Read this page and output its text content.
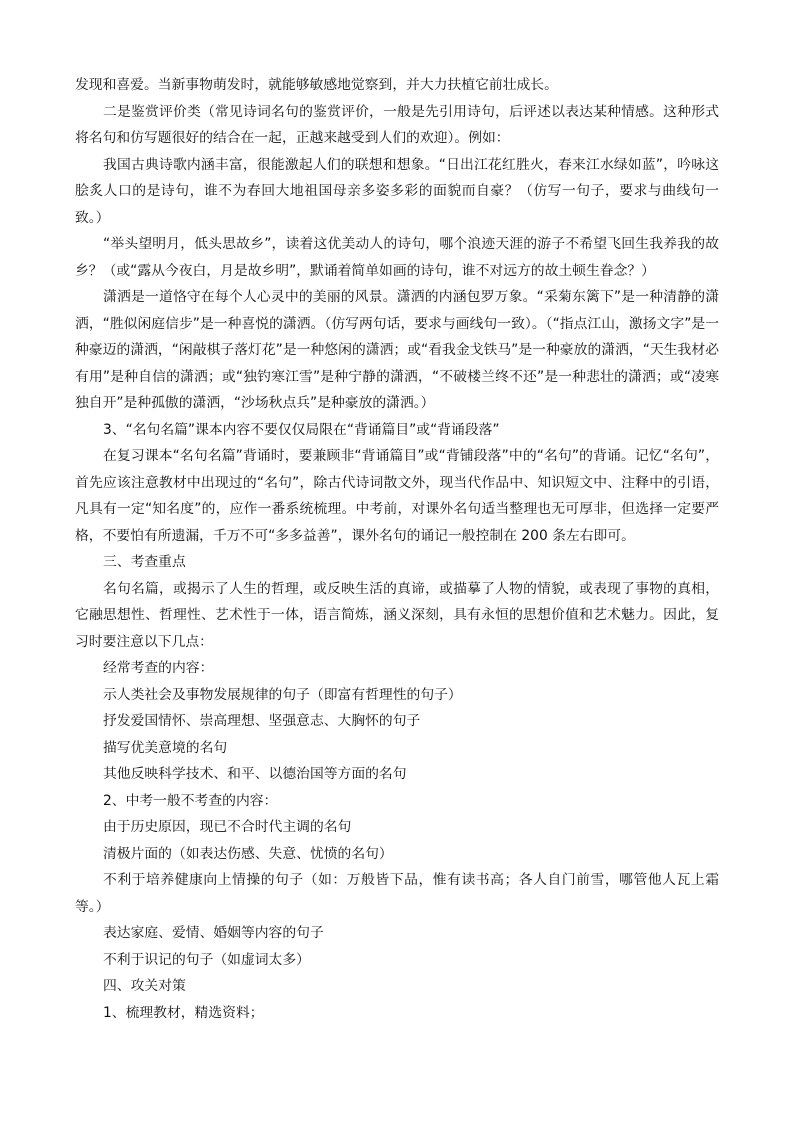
发现和喜爱。当新事物萌发时，就能够敏感地觉察到，并大力扶植它前壮成长。

二是鉴赏评价类（常见诗词名句的鉴赏评价，一般是先引用诗句，后评述以表达某种情感。这种形式将名句和仿写题很好的结合在一起，正越来越受到人们的欢迎）。例如：

我国古典诗歌内涵丰富，很能激起人们的联想和想象。“日出江花红胜火，春来江水绿如蓝”，吟咏这脍炙人口的是诗句，谁不为春回大地祖国母亲多姿多彩的面貌而自豪？（仿写一句子，要求与曲线句一致。）

“举头望明月，低头思故乡”，读着这优美动人的诗句，哪个浪迹天涯的游子不希望飞回生我养我的故乡？（或“露从今夜白，月是故乡明”，默诵着简单如画的诗句，谁不对远方的故土顿生眷念？）

潇洒是一道恪守在每个人心灵中的美丽的风景。潇洒的内涵包罗万象。“采菊东篱下”是一种清静的潇洒，“胜似闲庭信步”是一种喜悦的潇洒。（仿写两句话，要求与画线句一致）。（“指点江山，激扬文字”是一种豪迈的潇洒，“闲敲棋子落灯花”是一种悠闲的潇洒；或“看我金戈铁马”是一种豪放的潇洒，“天生我材必有用”是种自信的潇洒；或“独钓寒江雪”是种宁静的潇洒，“不破楼兰终不还”是一种悲壮的潇洒；或“凌寒独自开”是种孤傲的潇洒，“沙场秋点兵”是种豪放的潇洒。）

3、“名句名篇”课本内容不要仅仅局限在“背诵篇目”或“背诵段落”

在复习课本“名句名篇”背诵时，要兼顾非“背诵篇目”或“背铺段落”中的“名句”的背诵。记忆“名句”，首先应该注意教材中出现过的“名句”，除古代诗词散文外，现当代作品中、知识短文中、注释中的引语，凡具有一定“知名度”的，应作一番系统梳理。中考前，对课外名句适当整理也无可厚非，但选择一定要严格，不要怕有所遗漏，千万不可“多多益善”，课外名句的诵记一般控制在 200 条左右即可。

三、考查重点

名句名篇，或揭示了人生的哲理，或反映生活的真谛，或描摹了人物的情貌，或表现了事物的真相，它融思想性、哲理性、艺术性于一体，语言简炼，涵义深刻，具有永恒的思想价值和艺术魅力。因此，复习时要注意以下几点：

经常考查的内容：

示人类社会及事物发展规律的句子（即富有哲理性的句子）

抒发爱国情怀、崇高理想、坚强意志、大胸怀的句子

描写优美意境的名句

其他反映科学技术、和平、以德治国等方面的名句

2、中考一般不考查的内容：

由于历史原因，现已不合时代主调的名句

清极片面的（如表达伤感、失意、忧愤的名句）

不利于培养健康向上情操的句子（如：万般皆下品，惟有读书高；各人自门前雪，哪管他人瓦上霜等。）

表达家庭、爱情、婚姻等内容的句子

不利于识记的句子（如虚词太多）

四、攻关对策

1、梳理教材，精选资料；
